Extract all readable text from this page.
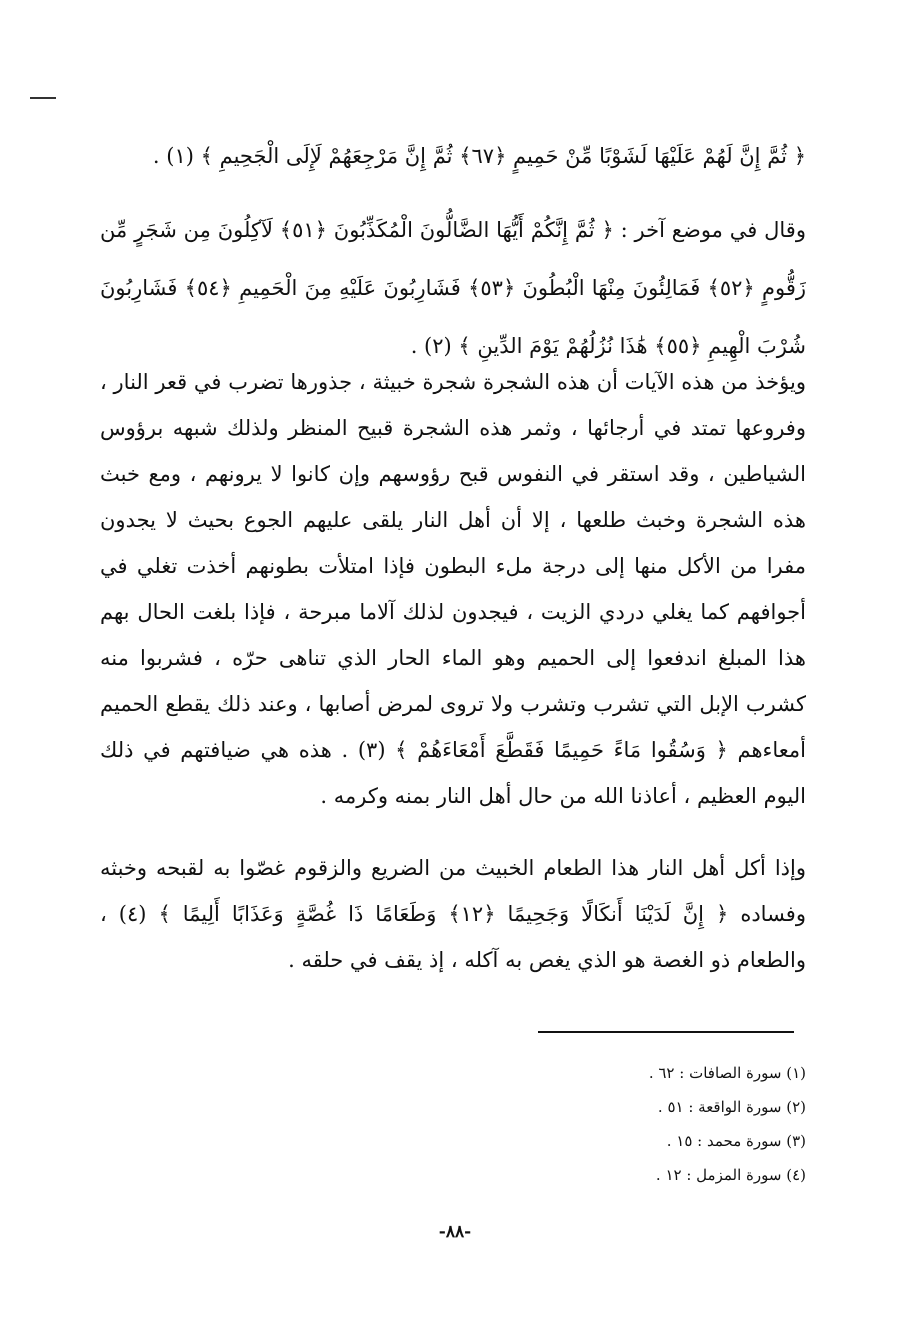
﴿ ثُمَّ إِنَّ لَهُمْ عَلَيْهَا لَشَوْبًا مِّنْ حَمِيمٍ ﴿٦٧﴾ ثُمَّ إِنَّ مَرْجِعَهُمْ لَإِلَى الْجَحِيمِ ﴾ (١) .

وقال في موضع آخر : ﴿ ثُمَّ إِنَّكُمْ أَيُّهَا الضَّالُّونَ الْمُكَذِّبُونَ ﴿٥١﴾ لَآكِلُونَ مِن شَجَرٍ مِّن زَقُّومٍ ﴿٥٢﴾ فَمَالِئُونَ مِنْهَا الْبُطُونَ ﴿٥٣﴾ فَشَارِبُونَ عَلَيْهِ مِنَ الْحَمِيمِ ﴿٥٤﴾ فَشَارِبُونَ شُرْبَ الْهِيمِ ﴿٥٥﴾ هَٰذَا نُزُلُهُمْ يَوْمَ الدِّينِ ﴾ (٢) .

ويؤخذ من هذه الآيات أن هذه الشجرة شجرة خبيثة ، جذورها تضرب في قعر النار ، وفروعها تمتد في أرجائها ، وثمر هذه الشجرة قبيح المنظر ولذلك شبهه برؤوس الشياطين ، وقد استقر في النفوس قبح رؤوسهم وإن كانوا لا يرونهم ، ومع خبث هذه الشجرة وخبث طلعها ، إلا أن أهل النار يلقى عليهم الجوع بحيث لا يجدون مفرا من الأكل منها إلى درجة ملء البطون فإذا امتلأت بطونهم أخذت تغلي في أجوافهم كما يغلي دردي الزيت ، فيجدون لذلك آلاما مبرحة ، فإذا بلغت الحال بهم هذا المبلغ اندفعوا إلى الحميم وهو الماء الحار الذي تناهى حرّه ، فشربوا منه كشرب الإبل التي تشرب وتشرب ولا تروى لمرض أصابها ، وعند ذلك يقطع الحميم أمعاءهم ﴿ وَسُقُوا مَاءً حَمِيمًا فَقَطَّعَ أَمْعَاءَهُمْ ﴾ (٣) . هذه هي ضيافتهم في ذلك اليوم العظيم ، أعاذنا الله من حال أهل النار بمنه وكرمه .

وإذا أكل أهل النار هذا الطعام الخبيث من الضريع والزقوم غصّوا به لقبحه وخبثه وفساده ﴿ إِنَّ لَدَيْنَا أَنكَالًا وَجَحِيمًا ﴿١٢﴾ وَطَعَامًا ذَا غُصَّةٍ وَعَذَابًا أَلِيمًا ﴾ (٤) ، والطعام ذو الغصة هو الذي يغص به آكله ، إذ يقف في حلقه .

(١) سورة الصافات : ٦٢ .
(٢) سورة الواقعة : ٥١ .
(٣) سورة محمد : ١٥ .
(٤) سورة المزمل : ١٢ .
-٨٨-
